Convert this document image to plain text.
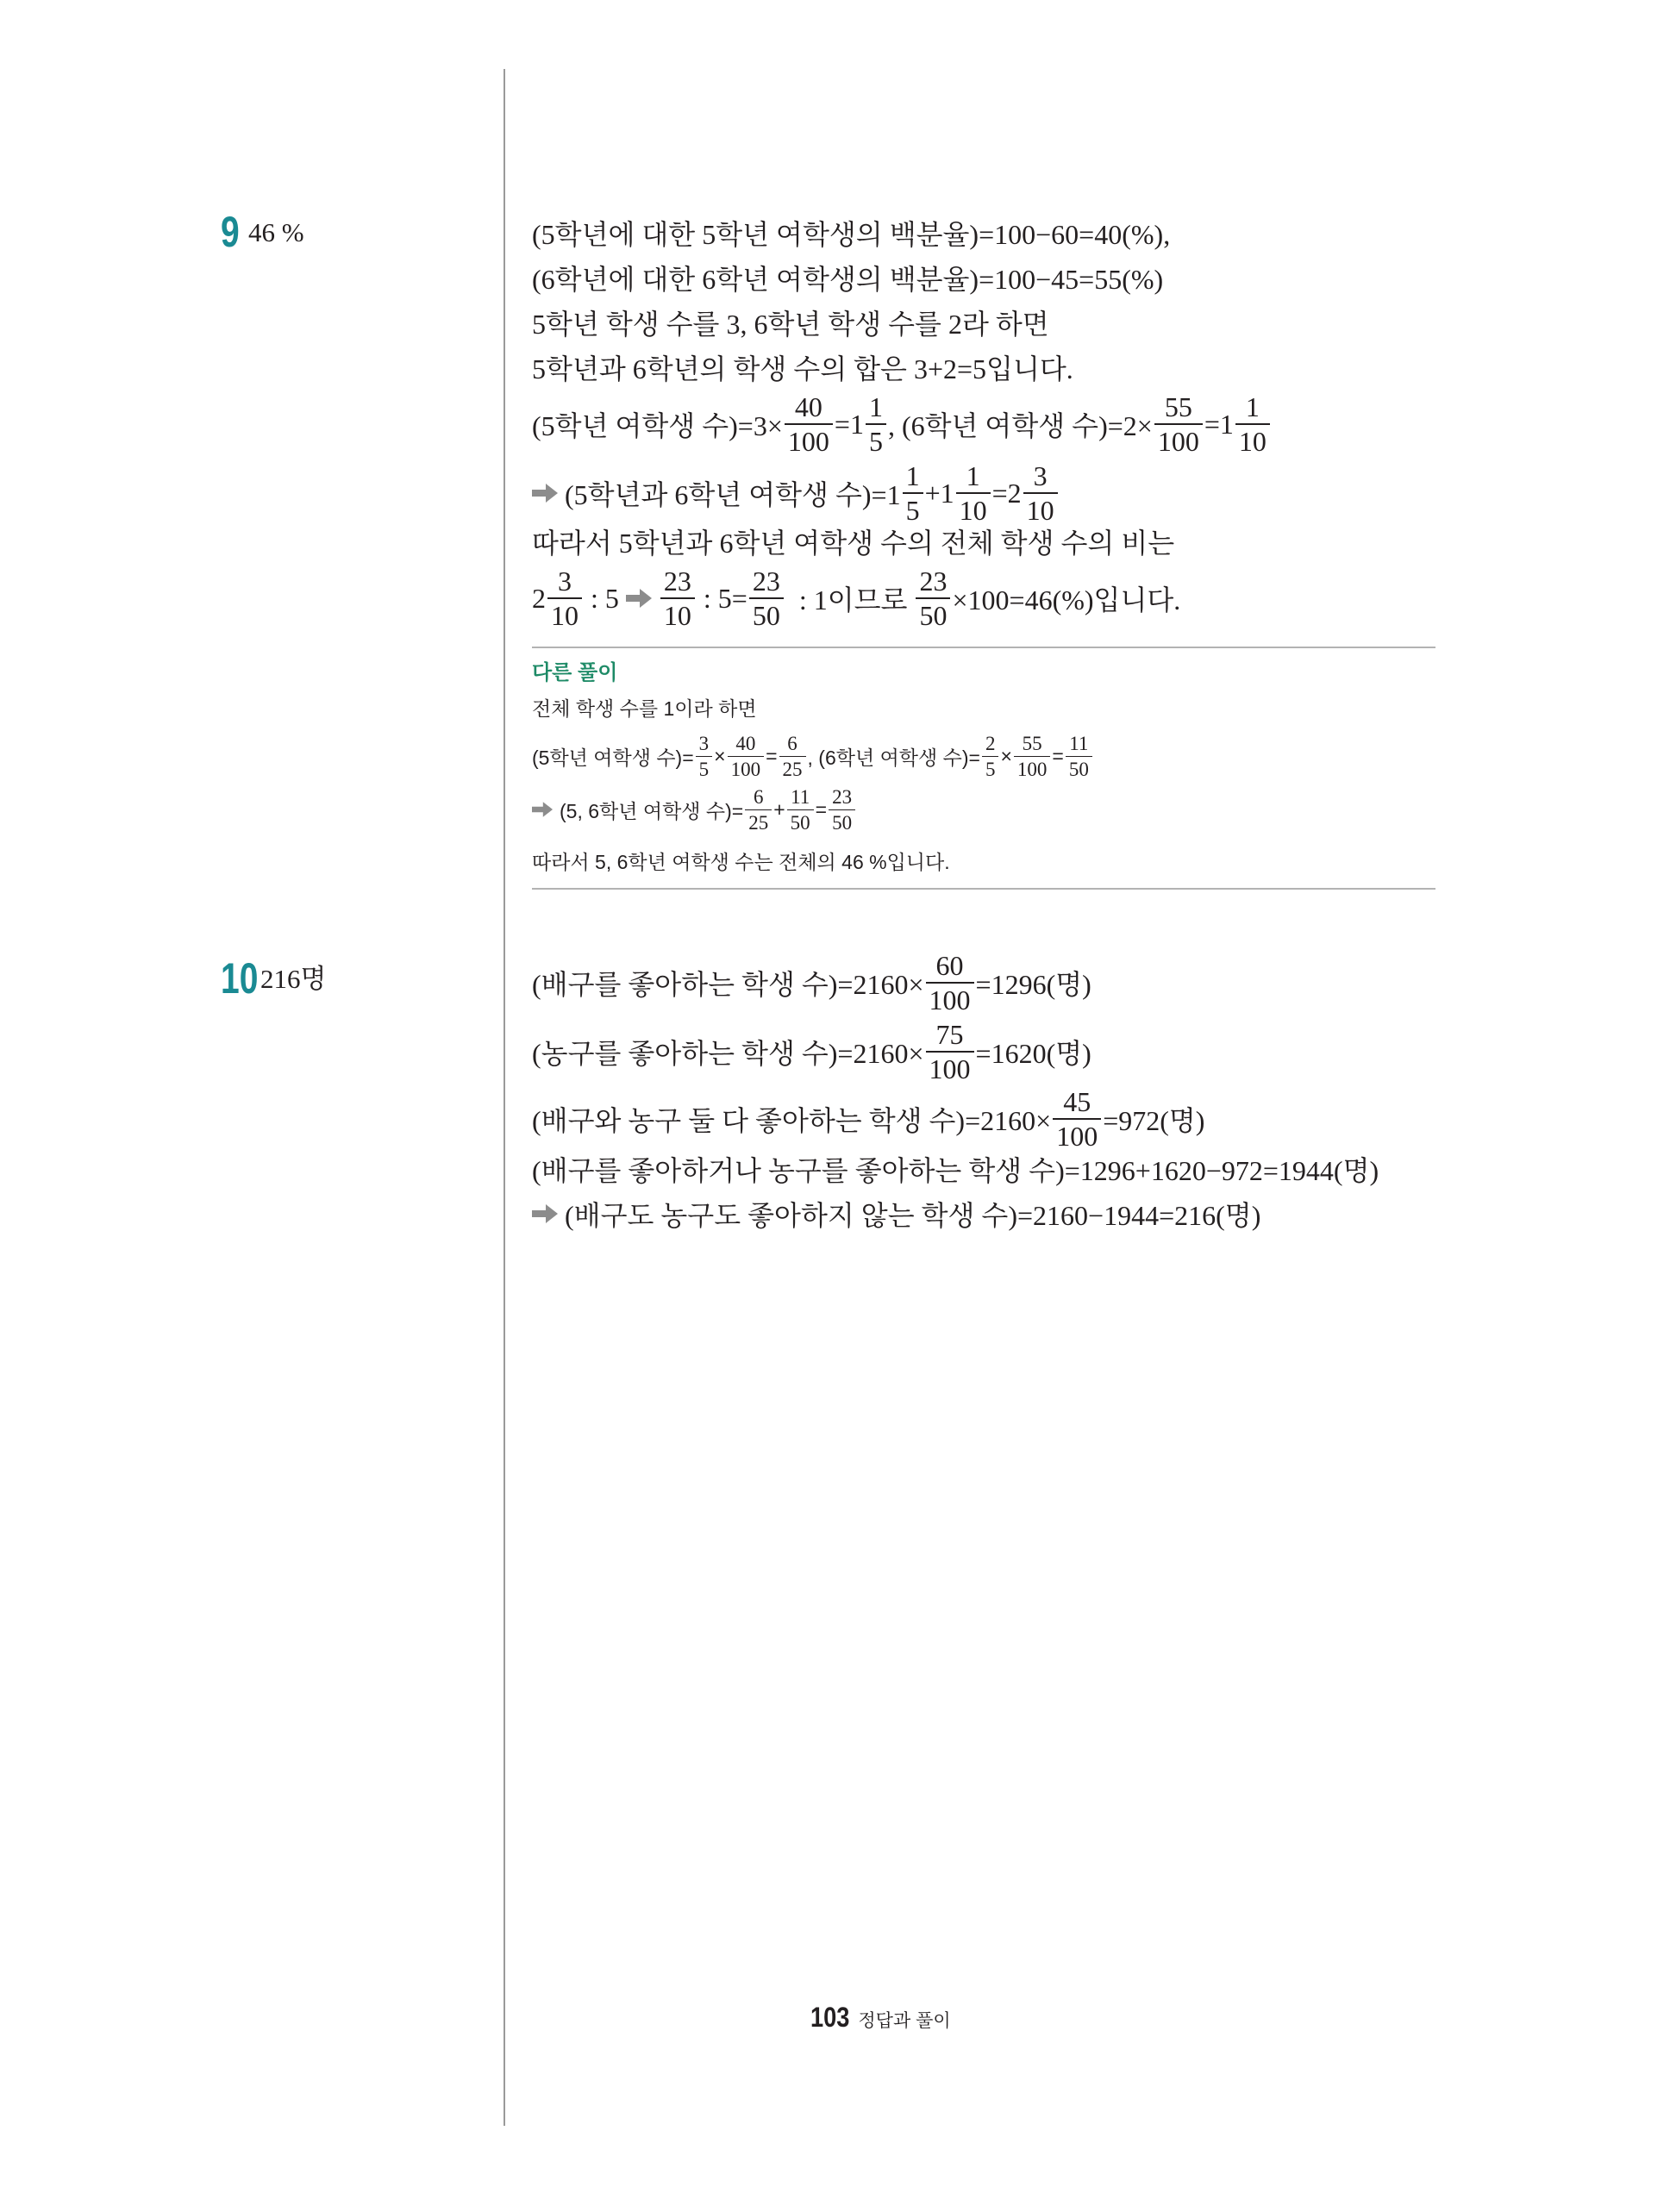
9 46 %	(5학년에 대한 5학년 여학생의 백분율)=100−60=40(%),
(6학년에 대한 6학년 여학생의 백분율)=100−45=55(%)
5학년 학생 수를 3, 6학년 학생 수를 2라 하면
5학년과 6학년의 학생 수의 합은 3+2=5입니다.
(5학년 여학생 수)$=3\times \frac{40}{100} =1$
1
5 , (6학년 여학생 수)$=2\times \frac{55}{100} =1$
1
10
(5학년과 6학년 여학생 수)=1
1
5
$+1 \frac{1}{10} =2$
3
10
따라서 5학년과 6학년 여학생 수의 전체 학생 수의 비는
2
3
10
: 5
23
10
: $5= \frac{23}{50}$ : 1이므로 $\frac{23}{50} \times 100=46(\%)$입니다.
다른 풀이
전체 학생 수를 1이라 하면
(5학년 여학생 수)= $\frac{3}{5} \times \frac{40}{100} = \frac{6}{25}$ , (6학년 여학생 수)= $\frac{2}{5} \times \frac{55}{100} = \frac{11}{50}$
(5, 6학년 여학생 수)= $\frac{6}{25} + \frac{11}{50} = \frac{23}{50}$
따라서 5, 6학년 여학생 수는 전체의 46 %입니다.
10 216명	(배구를 좋아하는 학생 수)$=2160\times \frac{60}{100} =1296$(명)
(농구를 좋아하는 학생 수)$=2160\times \frac{75}{100} =1620$(명)
(배구와 농구 둘 다 좋아하는 학생 수)$=2160\times \frac{45}{100} =972$(명)
(배구를 좋아하거나 농구를 좋아하는 학생 수)=1296+1620−972=1944(명)
(배구도 농구도 좋아하지 않는 학생 수)=2160−1944=216(명)
103 정답과 풀이
